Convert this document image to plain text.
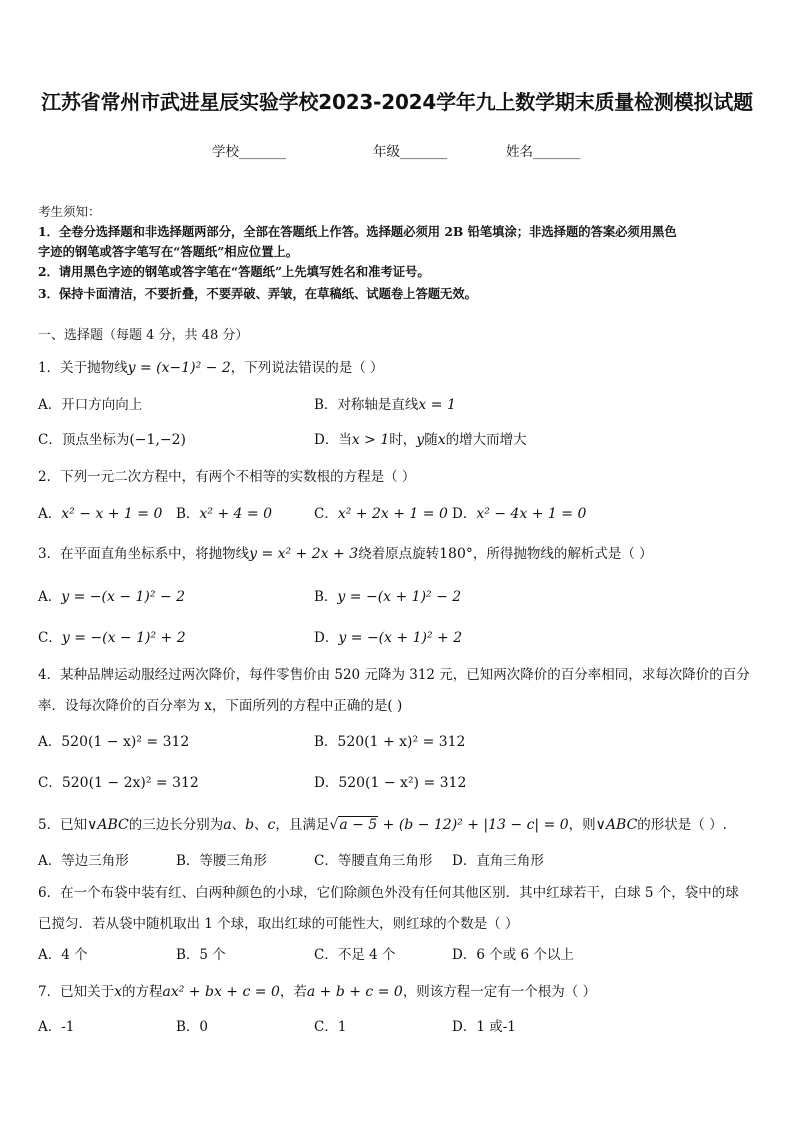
江苏省常州市武进星辰实验学校2023-2024学年九上数学期末质量检测模拟试题
学校_______	年级_______	姓名_______
考生须知：
1．全卷分选择题和非选择题两部分，全部在答题纸上作答。选择题必须用 2B 铅笔填涂；非选择题的答案必须用黑色
字迹的钢笔或答字笔写在“答题纸”相应位置上。
2．请用黑色字迹的钢笔或答字笔在“答题纸”上先填写姓名和准考证号。
3．保持卡面清洁，不要折叠，不要弄破、弄皱，在草稿纸、试题卷上答题无效。
一、选择题（每题 4 分，共 48 分）
1．关于抛物线y = (x−1)² − 2，下列说法错误的是（ ）
A．开口方向向上	B．对称轴是直线x = 1
C．顶点坐标为(−1,−2)	D．当x > 1时，y随x的增大而增大
2．下列一元二次方程中，有两个不相等的实数根的方程是（ ）
A．x² − x + 1 = 0 B．x² + 4 = 0	C．x² + 2x + 1 = 0 D．x² − 4x + 1 = 0
3．在平面直角坐标系中，将抛物线y = x² + 2x + 3绕着原点旋转180°，所得抛物线的解析式是（ ）
A．y = −(x − 1)² − 2	B．y = −(x + 1)² − 2
C．y = −(x − 1)² + 2	D．y = −(x + 1)² + 2
4．某种品牌运动服经过两次降价，每件零售价由 520 元降为 312 元，已知两次降价的百分率相同，求每次降价的百分
率．设每次降价的百分率为 x，下面所列的方程中正确的是( )
A．520(1 − x)² = 312	B．520(1 + x)² = 312
C．520(1 − 2x)² = 312	D．520(1 − x²) = 312
5．已知∨ABC的三边长分别为a、b、c，且满足√a − 5 + (b − 12)² + |13 − c| = 0，则∨ABC的形状是（ ）.
A．等边三角形	B．等腰三角形	C．等腰直角三角形 D．直角三角形
6．在一个布袋中装有红、白两种颜色的小球，它们除颜色外没有任何其他区别．其中红球若干，白球 5 个，袋中的球
已搅匀．若从袋中随机取出 1 个球，取出红球的可能性大，则红球的个数是（ ）
A．4 个	B．5 个	C．不足 4 个	D．6 个或 6 个以上
7．已知关于x的方程ax² + bx + c = 0，若a + b + c = 0，则该方程一定有一个根为（ ）
A．-1	B．0	C．1	D．1 或-1
